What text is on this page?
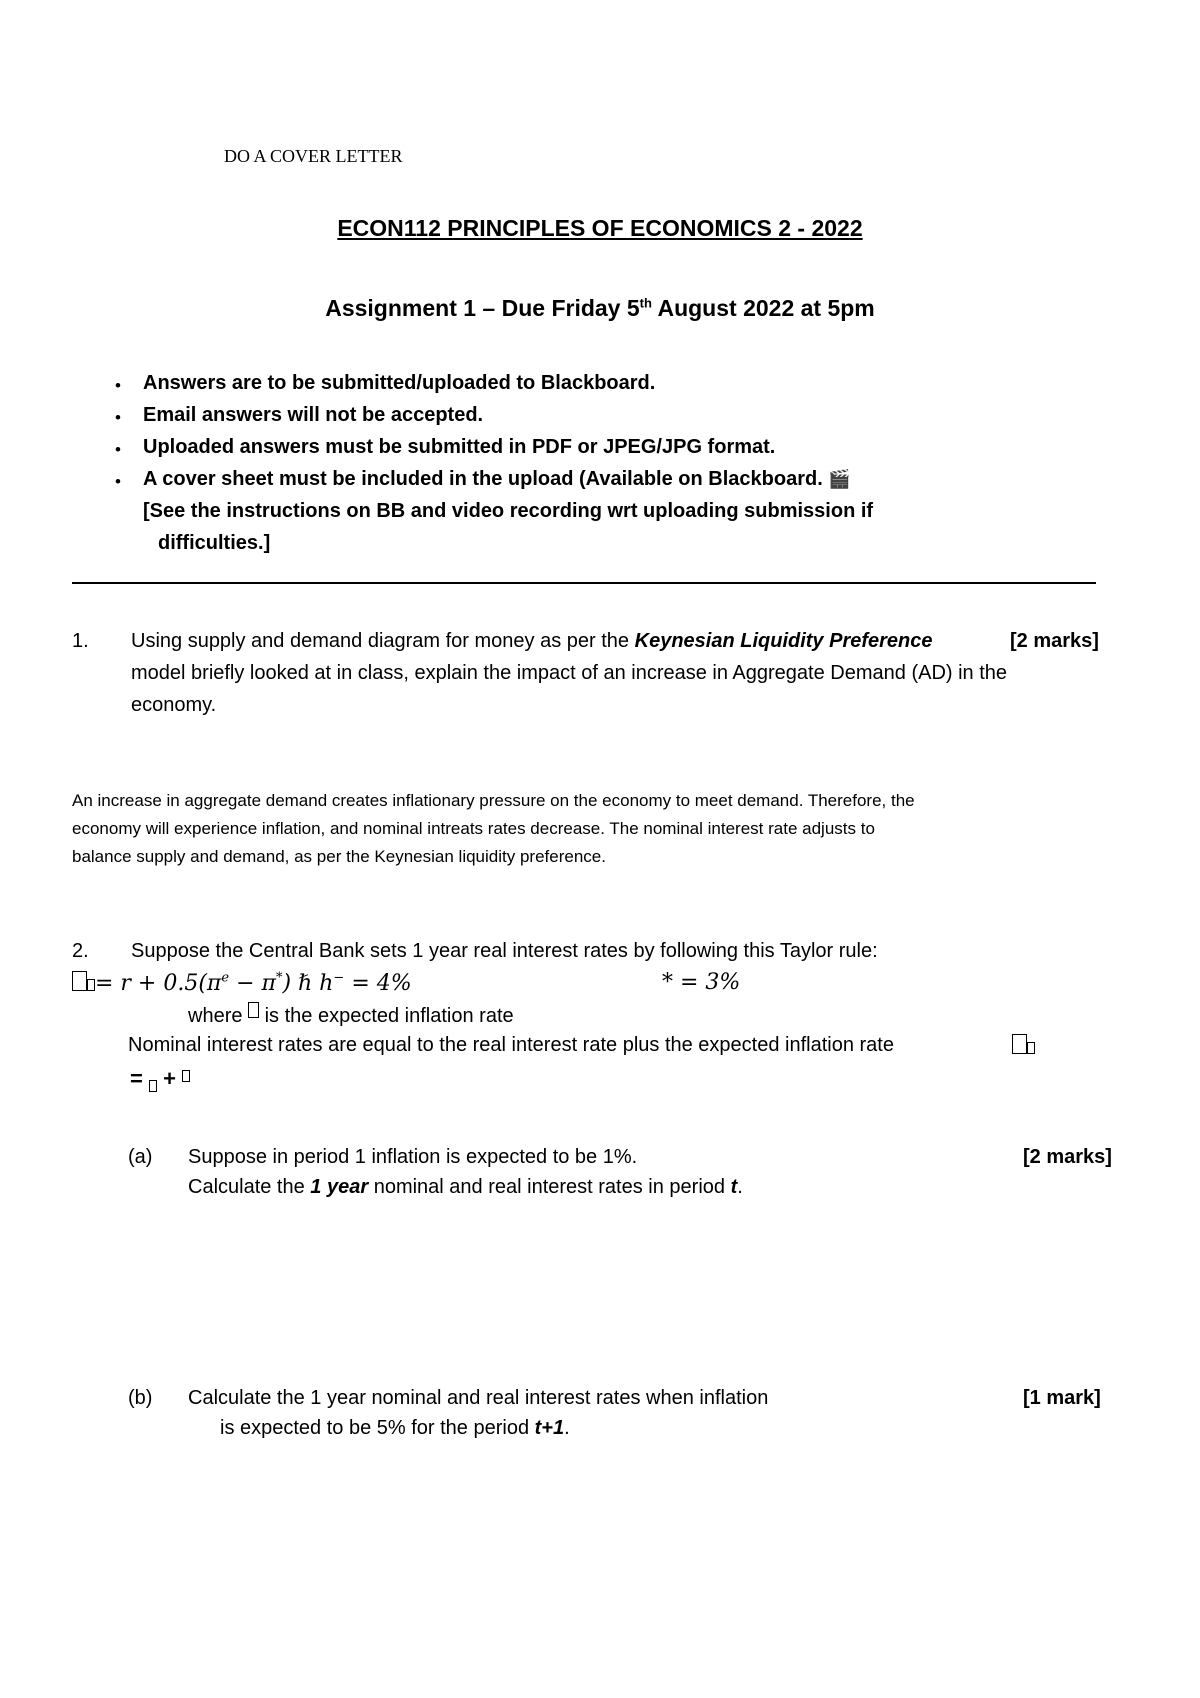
DO A COVER LETTER
ECON112 PRINCIPLES OF ECONOMICS 2 - 2022
Assignment 1 – Due Friday 5th August 2022 at 5pm
• Answers are to be submitted/uploaded to Blackboard.
• Email answers will not be accepted.
• Uploaded answers must be submitted in PDF or JPEG/JPG format.
• A cover sheet must be included in the upload (Available on Blackboard. 🎬
[See the instructions on BB and video recording wrt uploading submission if
difficulties.]
1. Using supply and demand diagram for money as per the Keynesian Liquidity Preference	[2 marks]
model briefly looked at in class, explain the impact of an increase in Aggregate Demand (AD) in the
economy.
An increase in aggregate demand creates inflationary pressure on the economy to meet demand. Therefore, the
economy will experience inflation, and nominal intreats rates decrease. The nominal interest rate adjusts to
balance supply and demand, as per the Keynesian liquidity preference.
2. Suppose the Central Bank sets 1 year real interest rates by following this Taylor rule:
= $r + 0.5(\pi^e - \pi^*)$ ℏ ℎ− = 4%	* = 3%
where  is the expected inflation rate
Nominal interest rates are equal to the real interest rate plus the expected inflation rate
=  +
(a) Suppose in period 1 inflation is expected to be 1%.	[2 marks]
Calculate the 1 year nominal and real interest rates in period t.
(b) Calculate the 1 year nominal and real interest rates when inflation	[1 mark]
is expected to be 5% for the period t+1.
